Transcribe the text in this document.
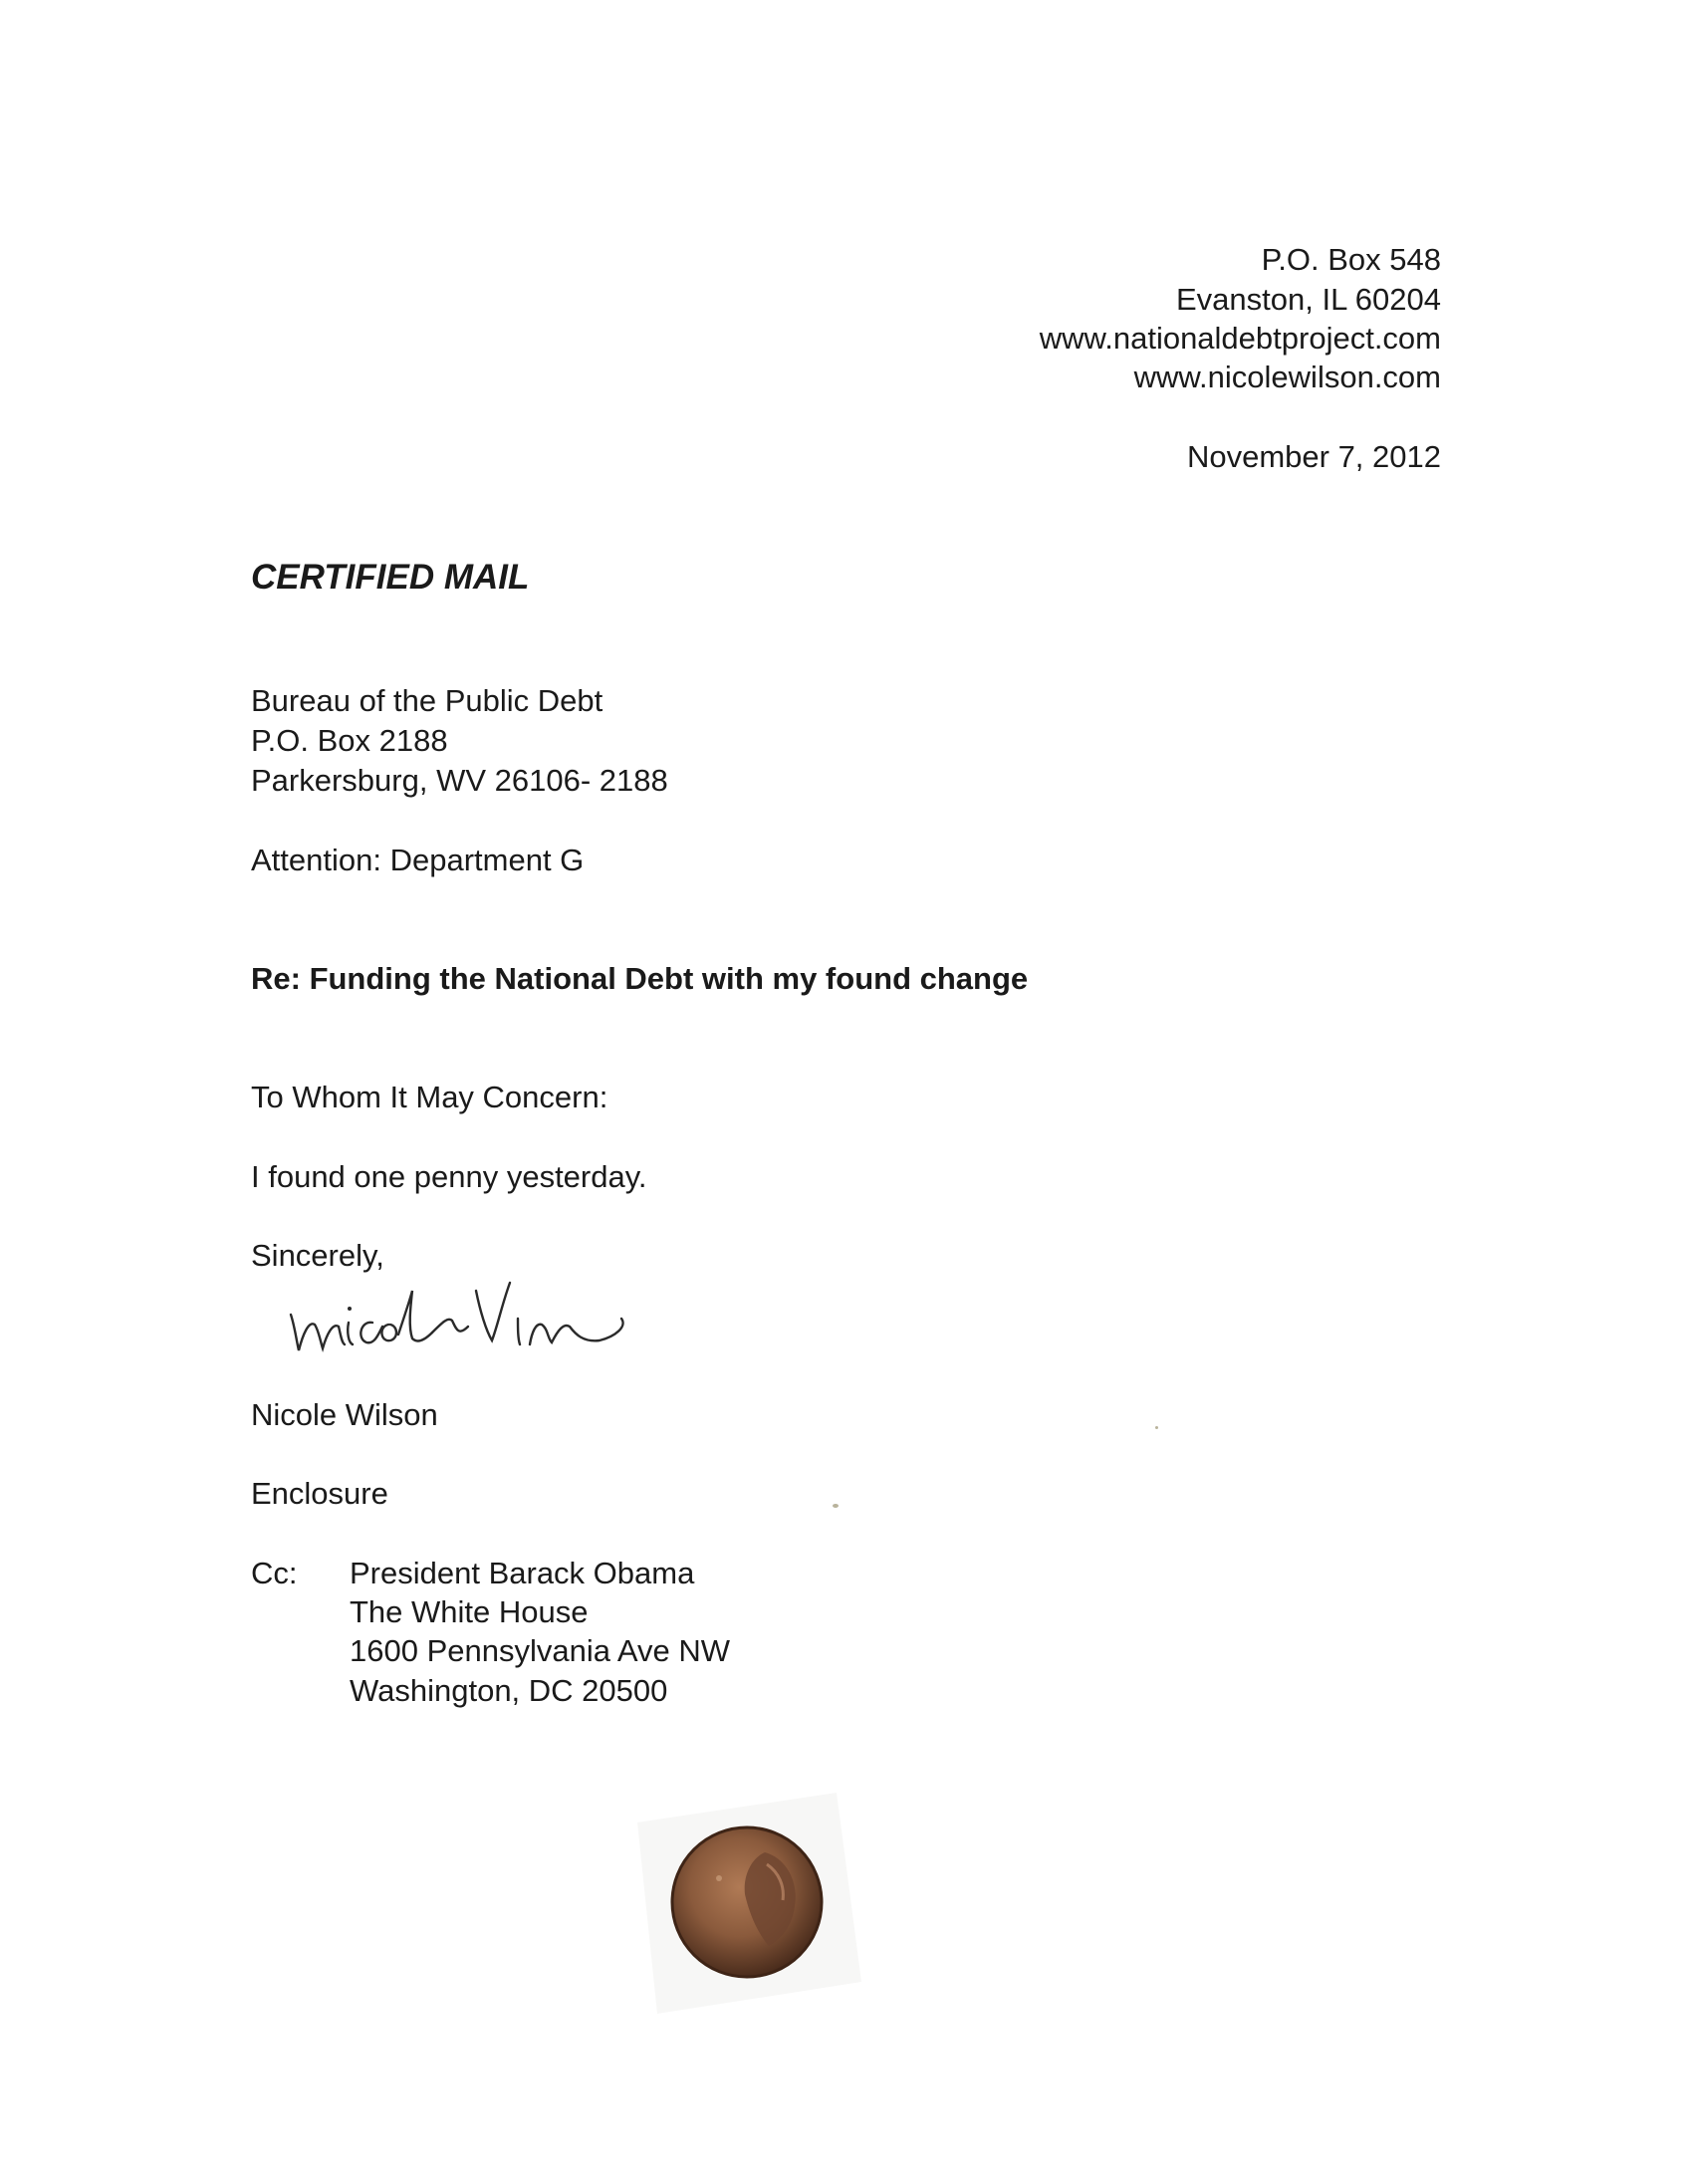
P.O. Box 548
Evanston, IL 60204
www.nationaldebtproject.com
www.nicolewilson.com
November 7, 2012
CERTIFIED MAIL
Bureau of the Public Debt
P.O. Box 2188
Parkersburg, WV 26106- 2188
Attention: Department G
Re: Funding the National Debt with my found change
To Whom It May Concern:
I found one penny yesterday.
Sincerely,
Nicole Wilson
Enclosure
Cc: President Barack Obama
The White House
1600 Pennsylvania Ave NW
Washington, DC 20500
